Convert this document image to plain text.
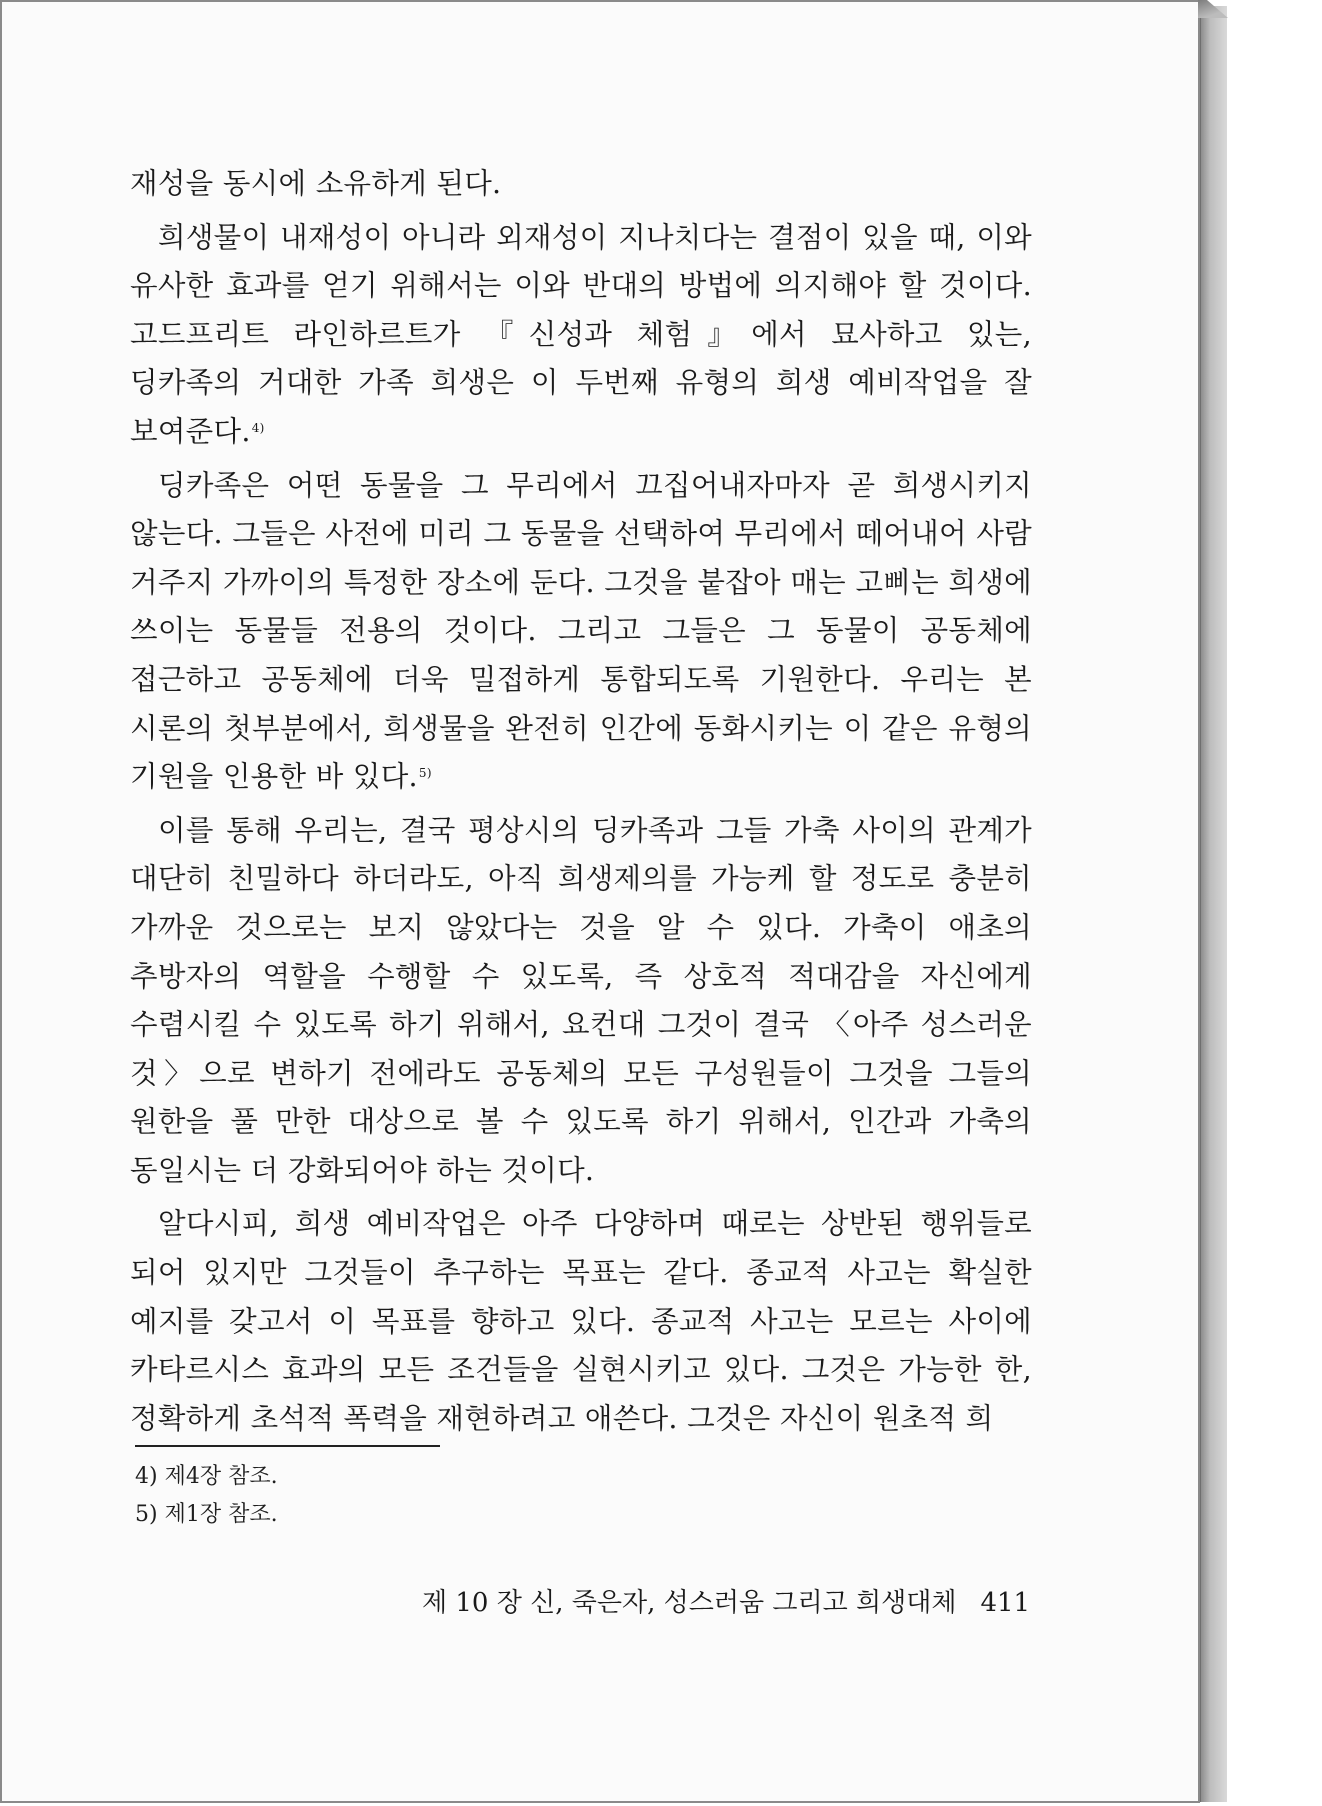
재성을 동시에 소유하게 된다.

희생물이 내재성이 아니라 외재성이 지나치다는 결점이 있을 때, 이와 유사한 효과를 얻기 위해서는 이와 반대의 방법에 의지해야 할 것이다. 고드프리트 라인하르트가 『신성과 체험』에서 묘사하고 있는, 딩카족의 거대한 가족 희생은 이 두번째 유형의 희생 예비작업을 잘 보여준다.$^{4)}$

딩카족은 어떤 동물을 그 무리에서 끄집어내자마자 곧 희생시키지 않는다. 그들은 사전에 미리 그 동물을 선택하여 무리에서 떼어내어 사람 거주지 가까이의 특정한 장소에 둔다. 그것을 붙잡아 매는 고삐는 희생에 쓰이는 동물들 전용의 것이다. 그리고 그들은 그 동물이 공동체에 접근하고 공동체에 더욱 밀접하게 통합되도록 기원한다. 우리는 본 시론의 첫부분에서, 희생물을 완전히 인간에 동화시키는 이 같은 유형의 기원을 인용한 바 있다.$^{5)}$

이를 통해 우리는, 결국 평상시의 딩카족과 그들 가축 사이의 관계가 대단히 친밀하다 하더라도, 아직 희생제의를 가능케 할 정도로 충분히 가까운 것으로는 보지 않았다는 것을 알 수 있다. 가축이 애초의 추방자의 역할을 수행할 수 있도록, 즉 상호적 적대감을 자신에게 수렴시킬 수 있도록 하기 위해서, 요컨대 그것이 결국 〈아주 성스러운 것〉으로 변하기 전에라도 공동체의 모든 구성원들이 그것을 그들의 원한을 풀 만한 대상으로 볼 수 있도록 하기 위해서, 인간과 가축의 동일시는 더 강화되어야 하는 것이다.

알다시피, 희생 예비작업은 아주 다양하며 때로는 상반된 행위들로 되어 있지만 그것들이 추구하는 목표는 같다. 종교적 사고는 확실한 예지를 갖고서 이 목표를 향하고 있다. 종교적 사고는 모르는 사이에 카타르시스 효과의 모든 조건들을 실현시키고 있다. 그것은 가능한 한, 정확하게 초석적 폭력을 재현하려고 애쓴다. 그것은 자신이 원초적 희

4) 제4장 참조.
5) 제1장 참조.
제 10 장 신, 죽은자, 성스러움 그리고 희생대체 411
